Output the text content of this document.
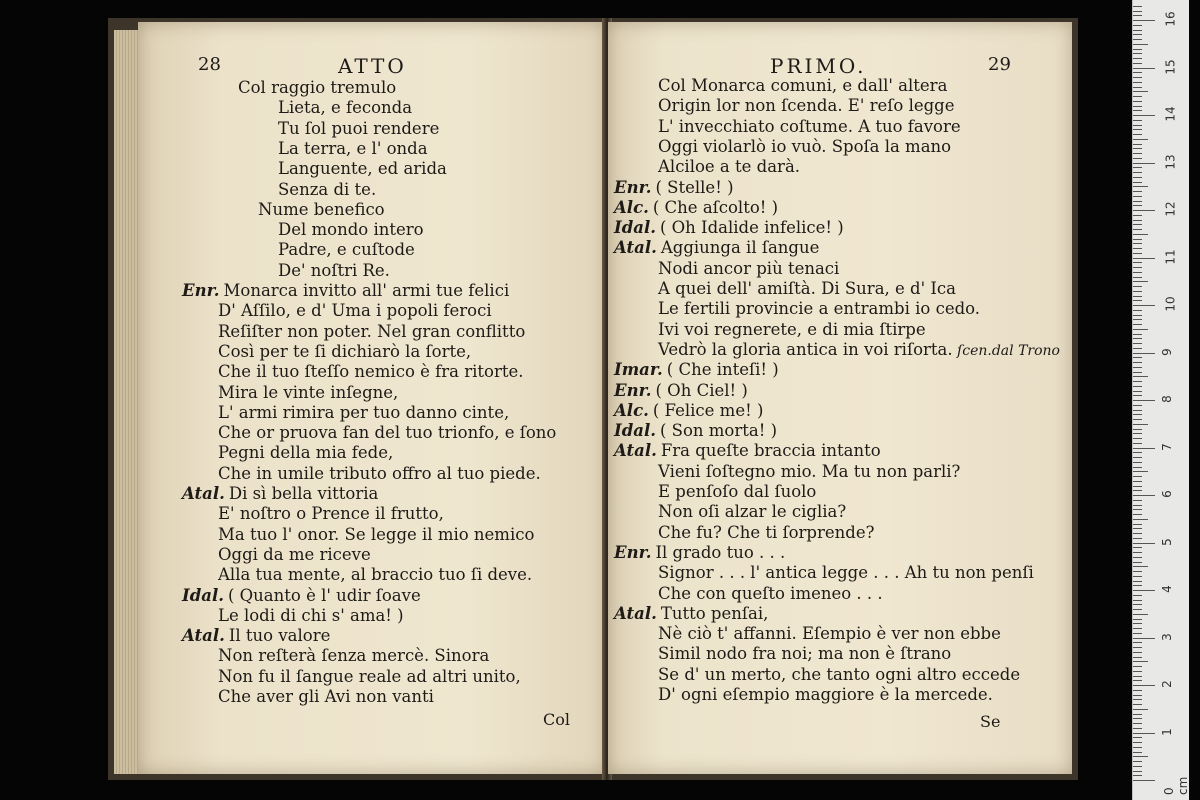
28	ATTO
Col raggio tremulo
Lieta, e feconda
Tu ſol puoi rendere
La terra, e l' onda
Languente, ed arida
Senza di te.
Nume benefico
Del mondo intero
Padre, e cuſtode
De' noſtri Re.
Enr. Monarca invitto all' armi tue felici
D' Aſſilo, e d' Uma i popoli feroci
Reſiſter non poter. Nel gran conflitto
Così per te ſi dichiarò la ſorte,
Che il tuo ſteſſo nemico è fra ritorte.
Mira le vinte inſegne,
L' armi rimira per tuo danno cinte,
Che or pruova fan del tuo trionfo, e ſono
Pegni della mia fede,
Che in umile tributo offro al tuo piede.
Atal. Di sì bella vittoria
E' noſtro o Prence il frutto,
Ma tuo l' onor. Se legge il mio nemico
Oggi da me riceve
Alla tua mente, al braccio tuo ſi deve.
Idal. ( Quanto è l' udir ſoave
Le lodi di chi s' ama! )
Atal. Il tuo valore
Non reſterà ſenza mercè. Sinora
Non fu il ſangue reale ad altri unito,
Che aver gli Avi non vanti
Col
PRIMO.	29
Col Monarca comuni, e dall' altera
Origin lor non ſcenda. E' reſo legge
L' invecchiato coſtume. A tuo favore
Oggi violarlò io vuò. Spoſa la mano
Alciloe a te darà.
Enr. ( Stelle! )
Alc. ( Che aſcolto! )
Idal. ( Oh Idalide infelice! )
Atal. Aggiunga il ſangue
Nodi ancor più tenaci
A quei dell' amiſtà. Di Sura, e d' Ica
Le fertili provincie a entrambi io cedo.
Ivi voi regnerete, e di mia ſtirpe
Vedrò la gloria antica in voi riſorta. ſcen.dal Trono
Imar. ( Che inteſi! )
Enr. ( Oh Ciel! )
Alc. ( Felice me! )
Idal. ( Son morta! )
Atal. Fra queſte braccia intanto
Vieni ſoſtegno mio. Ma tu non parli?
E penſoſo dal ſuolo
Non oſi alzar le ciglia?
Che fu? Che ti ſorprende?
Enr. Il grado tuo . . .
Signor . . . l' antica legge . . . Ah tu non penſi
Che con queſto imeneo . . .
Atal. Tutto penſai,
Nè ciò t' affanni. Eſempio è ver non ebbe
Simil nodo fra noi; ma non è ſtrano
Se d' un merto, che tanto ogni altro eccede
D' ogni eſempio maggiore è la mercede.
Se
0 cm
1
2
3
4
5
6
7
8
9
10
11
12
13
14
15
16
